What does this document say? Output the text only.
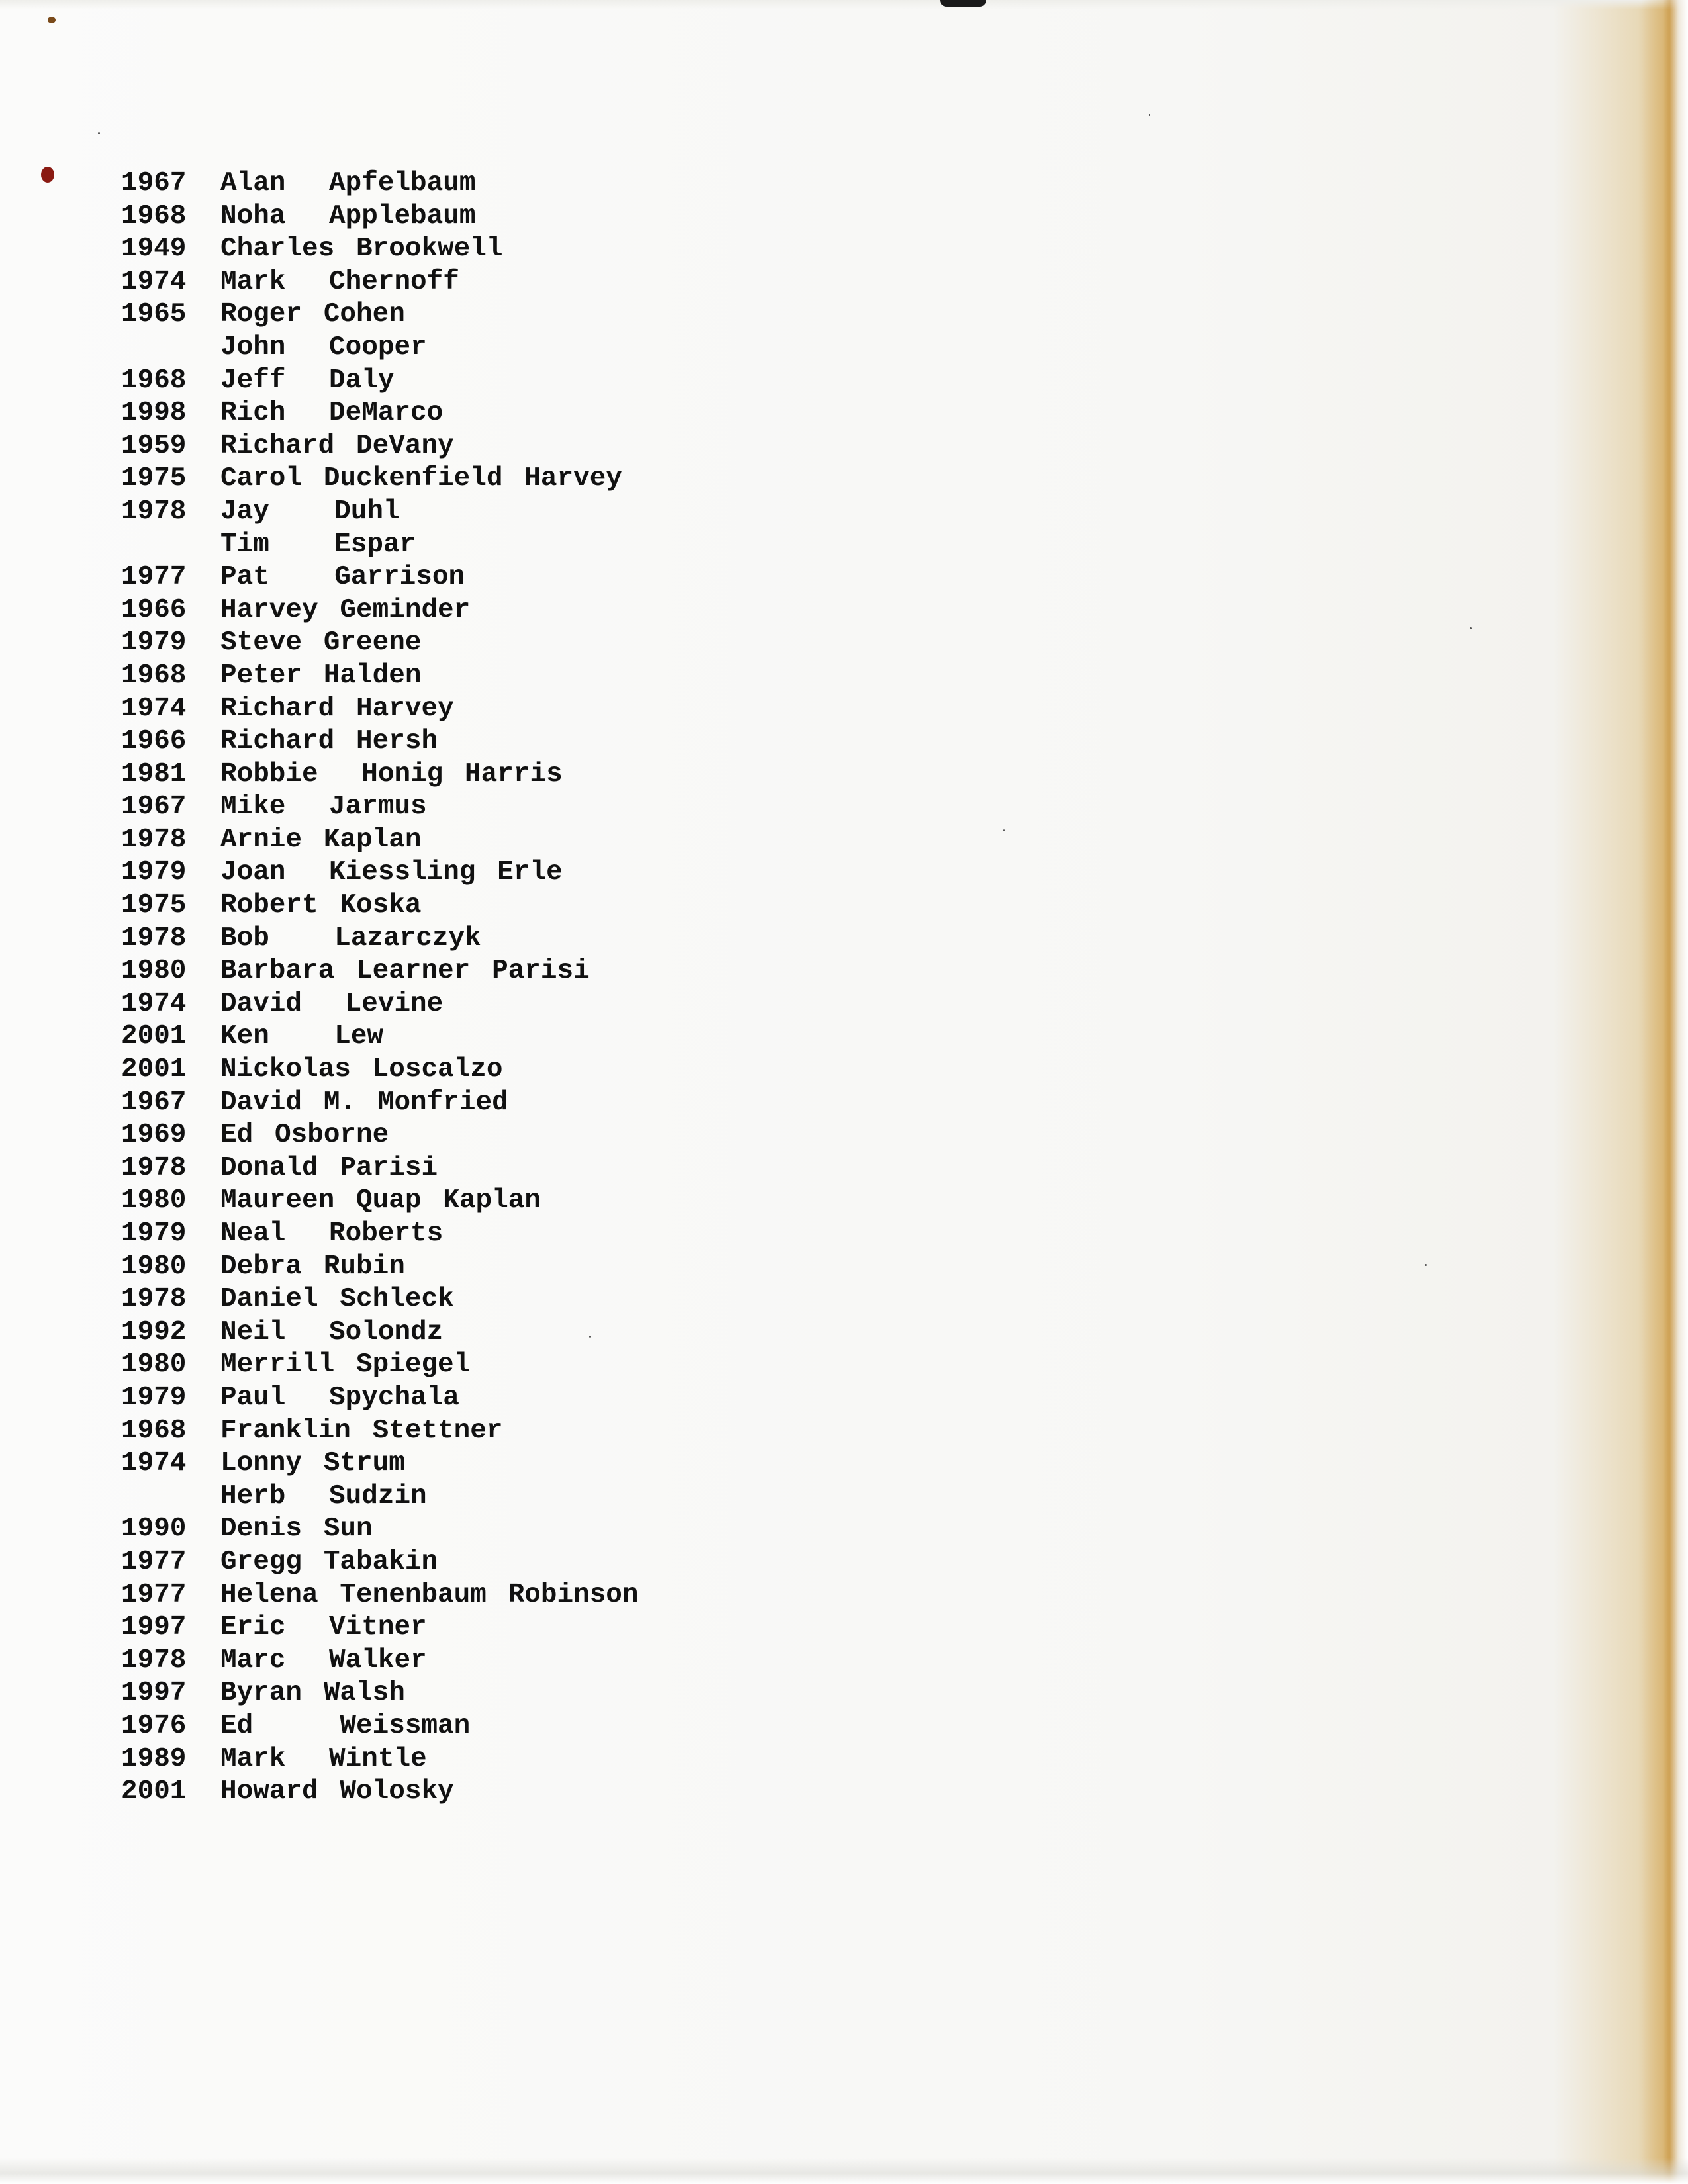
1967 Alan  Apfelbaum
1968 Noha  Applebaum
1949 Charles Brookwell
1974 Mark  Chernoff
1965 Roger Cohen
John  Cooper
1968 Jeff  Daly
1998 Rich  DeMarco
1959 Richard DeVany
1975 Carol Duckenfield Harvey
1978 Jay   Duhl
Tim   Espar
1977 Pat   Garrison
1966 Harvey Geminder
1979 Steve Greene
1968 Peter Halden
1974 Richard Harvey
1966 Richard Hersh
1981 Robbie  Honig Harris
1967 Mike  Jarmus
1978 Arnie Kaplan
1979 Joan  Kiessling Erle
1975 Robert Koska
1978 Bob   Lazarczyk
1980 Barbara Learner Parisi
1974 David  Levine
2001 Ken   Lew
2001 Nickolas Loscalzo
1967 David M. Monfried
1969 Ed Osborne
1978 Donald Parisi
1980 Maureen Quap Kaplan
1979 Neal  Roberts
1980 Debra Rubin
1978 Daniel Schleck
1992 Neil  Solondz
1980 Merrill Spiegel
1979 Paul  Spychala
1968 Franklin Stettner
1974 Lonny Strum
Herb  Sudzin
1990 Denis Sun
1977 Gregg Tabakin
1977 Helena Tenenbaum Robinson
1997 Eric  Vitner
1978 Marc  Walker
1997 Byran Walsh
1976 Ed    Weissman
1989 Mark  Wintle
2001 Howard Wolosky
